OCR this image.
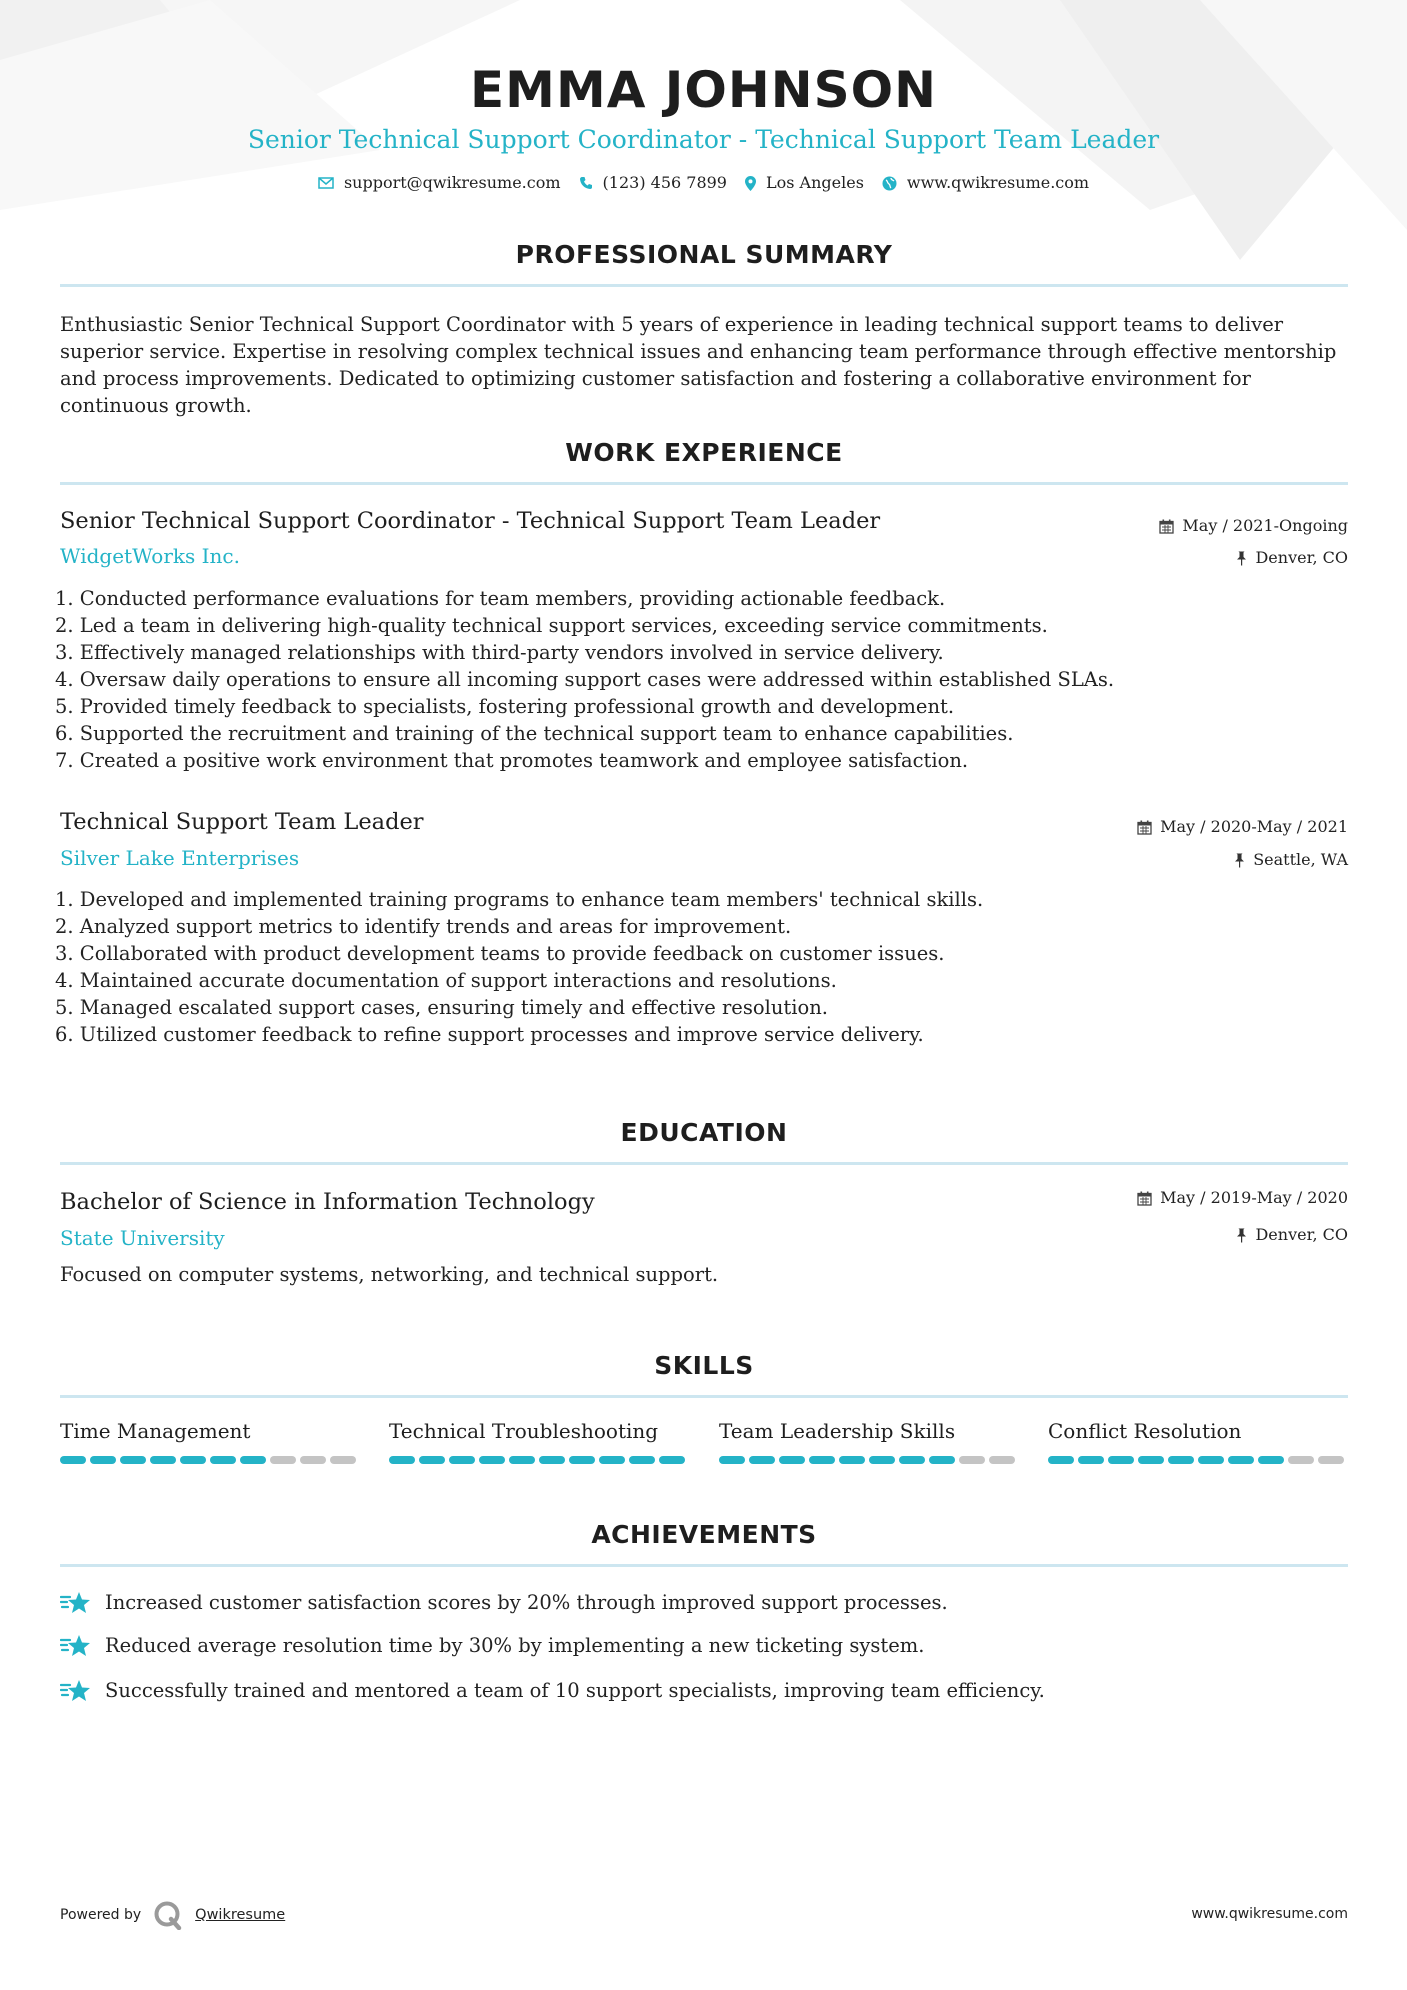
EMMA JOHNSON
Senior Technical Support Coordinator - Technical Support Team Leader
support@qwikresume.com	(123) 456 7899 Los Angeles	www.qwikresume.com
PROFESSIONAL SUMMARY
Enthusiastic Senior Technical Support Coordinator with 5 years of experience in leading technical support teams to deliver superior service. Expertise in resolving complex technical issues and enhancing team performance through effective mentorship and process improvements. Dedicated to optimizing customer satisfaction and fostering a collaborative environment for continuous growth.
WORK EXPERIENCE
Senior Technical Support Coordinator - Technical Support Team Leader	May / 2021-Ongoing
WidgetWorks Inc.	Denver, CO
1. Conducted performance evaluations for team members, providing actionable feedback.
2. Led a team in delivering high-quality technical support services, exceeding service commitments.
3. Effectively managed relationships with third-party vendors involved in service delivery.
4. Oversaw daily operations to ensure all incoming support cases were addressed within established SLAs.
5. Provided timely feedback to specialists, fostering professional growth and development.
6. Supported the recruitment and training of the technical support team to enhance capabilities.
7. Created a positive work environment that promotes teamwork and employee satisfaction.
Technical Support Team Leader	May / 2020-May / 2021
Silver Lake Enterprises	Seattle, WA
1. Developed and implemented training programs to enhance team members' technical skills.
2. Analyzed support metrics to identify trends and areas for improvement.
3. Collaborated with product development teams to provide feedback on customer issues.
4. Maintained accurate documentation of support interactions and resolutions.
5. Managed escalated support cases, ensuring timely and effective resolution.
6. Utilized customer feedback to refine support processes and improve service delivery.
EDUCATION
Bachelor of Science in Information Technology	May / 2019-May / 2020
State University	Denver, CO
Focused on computer systems, networking, and technical support.
SKILLS
Time Management	Technical Troubleshooting	Team Leadership Skills	Conflict Resolution
ACHIEVEMENTS
Increased customer satisfaction scores by 20% through improved support processes.
Reduced average resolution time by 30% by implementing a new ticketing system.
Successfully trained and mentored a team of 10 support specialists, improving team efficiency.
Powered by	Qwikresume	www.qwikresume.com
